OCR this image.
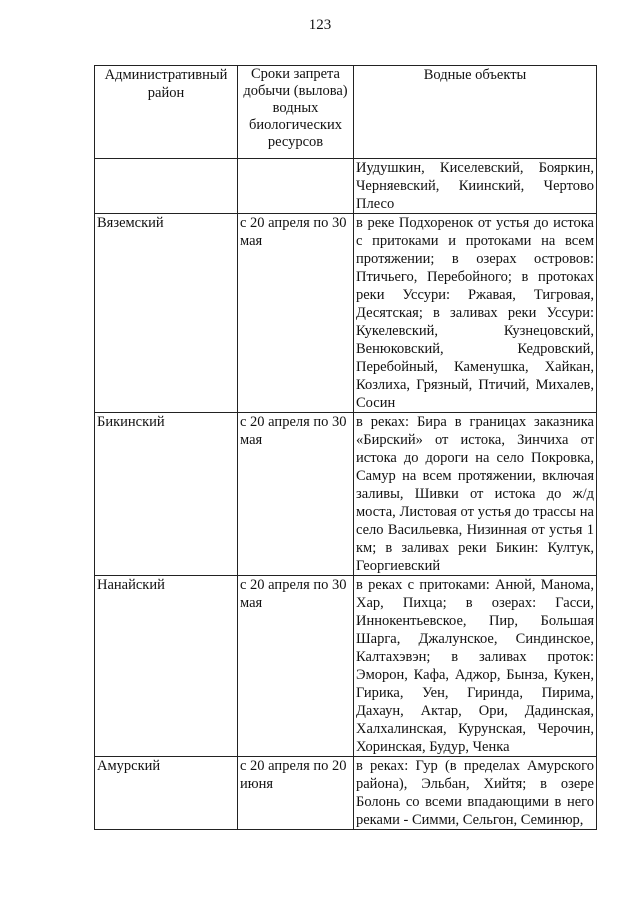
123
Административный район	Сроки запрета добычи (вылова) водных биологических ресурсов	Водные объекты
		Иудушкин, Киселевский, Бояркин, Черняевский, Киинский, Чертово Плесо
Вяземский	с 20 апреля по 30 мая	в реке Подхоренок от устья до истока с притоками и протоками на всем протяжении; в озерах островов: Птичьего, Перебойного; в протоках реки Уссури: Ржавая, Тигровая, Десятская; в заливах реки Уссури: Кукелевский, Кузнецовский, Венюковский, Кедровский, Перебойный, Каменушка, Хайкан, Козлиха, Грязный, Птичий, Михалев, Сосин
Бикинский	с 20 апреля по 30 мая	в реках: Бира в границах заказника «Бирский» от истока, Зинчиха от истока до дороги на село Покровка, Самур на всем протяжении, включая заливы, Шивки от истока до ж/д моста, Листовая от устья до трассы на село Васильевка, Низинная от устья 1 км; в заливах реки Бикин: Култук, Георгиевский
Нанайский	с 20 апреля по 30 мая	в реках с притоками: Анюй, Манома, Хар, Пихца; в озерах: Гасси, Иннокентьевское, Пир, Большая Шарга, Джалунское, Синдинское, Калтахэвэн; в заливах проток: Эморон, Кафа, Аджор, Бынза, Кукен, Гирика, Уен, Гиринда, Пирима, Дахаун, Актар, Ори, Дадинская, Халхалинская, Курунская, Черочин, Хоринская, Будур, Ченка
Амурский	с 20 апреля по 20 июня	в реках: Гур (в пределах Амурского района), Эльбан, Хийтя; в озере Болонь со всеми впадающими в него реками - Симми, Сельгон, Семинюр,
